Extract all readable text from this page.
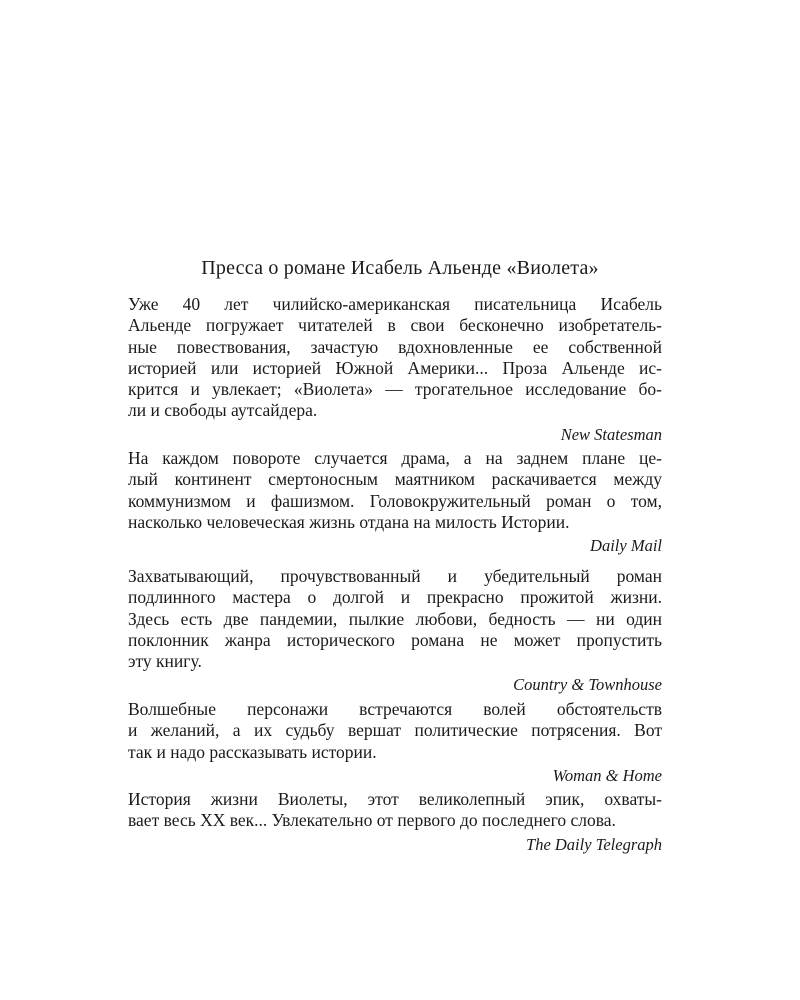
Пресса о романе Исабель Альенде «Виолета»
Уже 40 лет чилийско-американская писательница Исабель
Альенде погружает читателей в свои бесконечно изобретатель-
ные повествования, зачастую вдохновленные ее собственной
историей или историей Южной Америки... Проза Альенде ис-
крится и увлекает; «Виолета» — трогательное исследование бо-
ли и свободы аутсайдера.
New Statesman
На каждом повороте случается драма, а на заднем плане це-
лый континент смертоносным маятником раскачивается между
коммунизмом и фашизмом. Головокружительный роман о том,
насколько человеческая жизнь отдана на милость Истории.
Daily Mail
Захватывающий, прочувствованный и убедительный роман
подлинного мастера о долгой и прекрасно прожитой жизни.
Здесь есть две пандемии, пылкие любови, бедность — ни один
поклонник жанра исторического романа не может пропустить
эту книгу.
Country & Townhouse
Волшебные персонажи встречаются волей обстоятельств
и желаний, а их судьбу вершат политические потрясения. Вот
так и надо рассказывать истории.
Woman & Home
История жизни Виолеты, этот великолепный эпик, охваты-
вает весь XX век... Увлекательно от первого до последнего слова.
The Daily Telegraph
